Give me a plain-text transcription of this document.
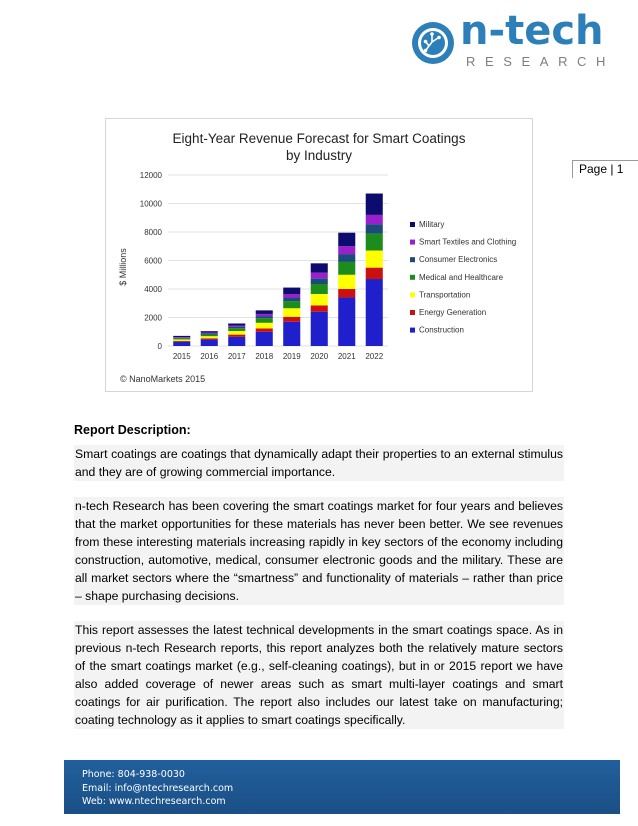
n-tech
RESEARCH
Page | 1
Eight-Year Revenue Forecast for Smart Coatings
by Industry
$ Millions
0
2000
4000
6000
8000
10000
12000
2015 2016 2017 2018 2019 2020 2021 2022
Military
Smart Textiles and Clothing
Consumer Electronics
Medical and Healthcare
Transportation
Energy Generation
Construction
© NanoMarkets 2015
Report Description:

Smart coatings are coatings that dynamically adapt their properties to an external stimulus and they are of growing commercial importance.

n-tech Research has been covering the smart coatings market for four years and believes that the market opportunities for these materials has never been better. We see revenues from these interesting materials increasing rapidly in key sectors of the economy including construction, automotive, medical, consumer electronic goods and the military. These are all market sectors where the “smartness” and functionality of materials – rather than price – shape purchasing decisions.

This report assesses the latest technical developments in the smart coatings space. As in previous n-tech Research reports, this report analyzes both the relatively mature sectors of the smart coatings market (e.g., self-cleaning coatings), but in or 2015 report we have also added coverage of newer areas such as smart multi-layer coatings and smart coatings for air purification. The report also includes our latest take on manufacturing; coating technology as it applies to smart coatings specifically.

Phone: 804-938-0030
Email: info@ntechresearch.com
Web: www.ntechresearch.com
